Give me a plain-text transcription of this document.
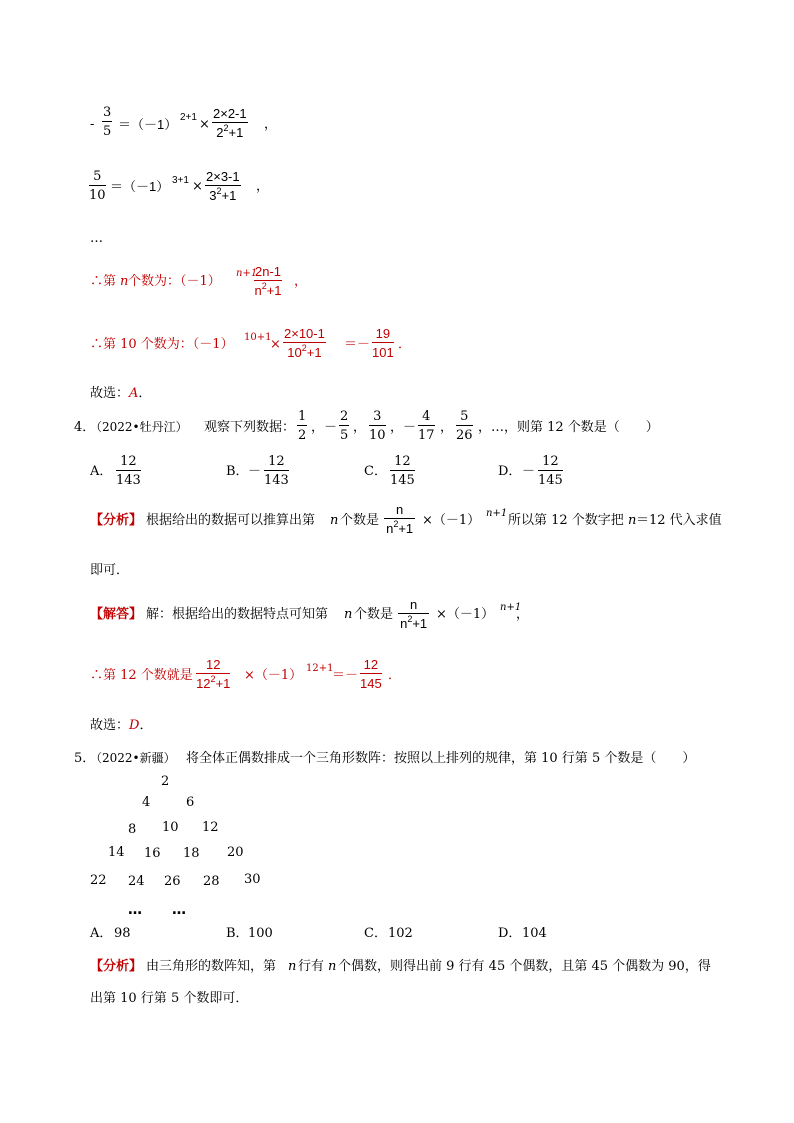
- $\frac{3}{5} =(-1) 2+1 \times \frac{2\times 2-1}{2^2+1}$ ，
$\frac{5}{10} =(-1) 3+1 \times \frac{2\times 3-1}{3^2+1}$ ，
…
∴第 n 个数为：（－1）
n+1
$\frac{2n-1}{n^2+1}$ ，
∴第 10 个数为：（－1） 10+1
× $\frac{2\times 10-1}{10^2+1} =- \frac{19}{101}$ ．
故选：A．
4．
（2022•牡丹江） 观察下列数据： $\frac{1}{2}$ ，－ $\frac{2}{5}$ ， $\frac{3}{10}$ ，－ $\frac{4}{17}$ ， $\frac{5}{26}$ ，…，则第 12 个数是（　　）
A． $\frac{12}{143}$	B． － $\frac{12}{143}$	C． $\frac{12}{145}$	D． － $\frac{12}{145}$
【分析】 根据给出的数据可以推算出第 n 个数是 $\frac{n}{n^2+1} \times(-1)$ n+1 所以第 12 个数字把 n ＝12 代入求值
即可．
【解答】 解：根据给出的数据特点可知第 n 个数是 $\frac{n}{n^2+1} \times(-1)$ n+1
，
∴第 12 个数就是 $\frac{12}{12^2+1} \times(-1)$ 12+1
＝－ $\frac{12}{145}$ ．
故选：D．
5．
（2022•新疆） 将全体正偶数排成一个三角形数阵：按照以上排列的规律，第 10 行第 5 个数是（　　）
2
4	6
8 10 12
14 16 18 20
22 24 26 28 30
… …
A． 98	B． 100	C． 102	D． 104
【分析】 由三角形的数阵知，第 n 行有 n 个偶数，则得出前 9 行有 45 个偶数，且第 45 个偶数为 90，得
出第 10 行第 5 个数即可．
